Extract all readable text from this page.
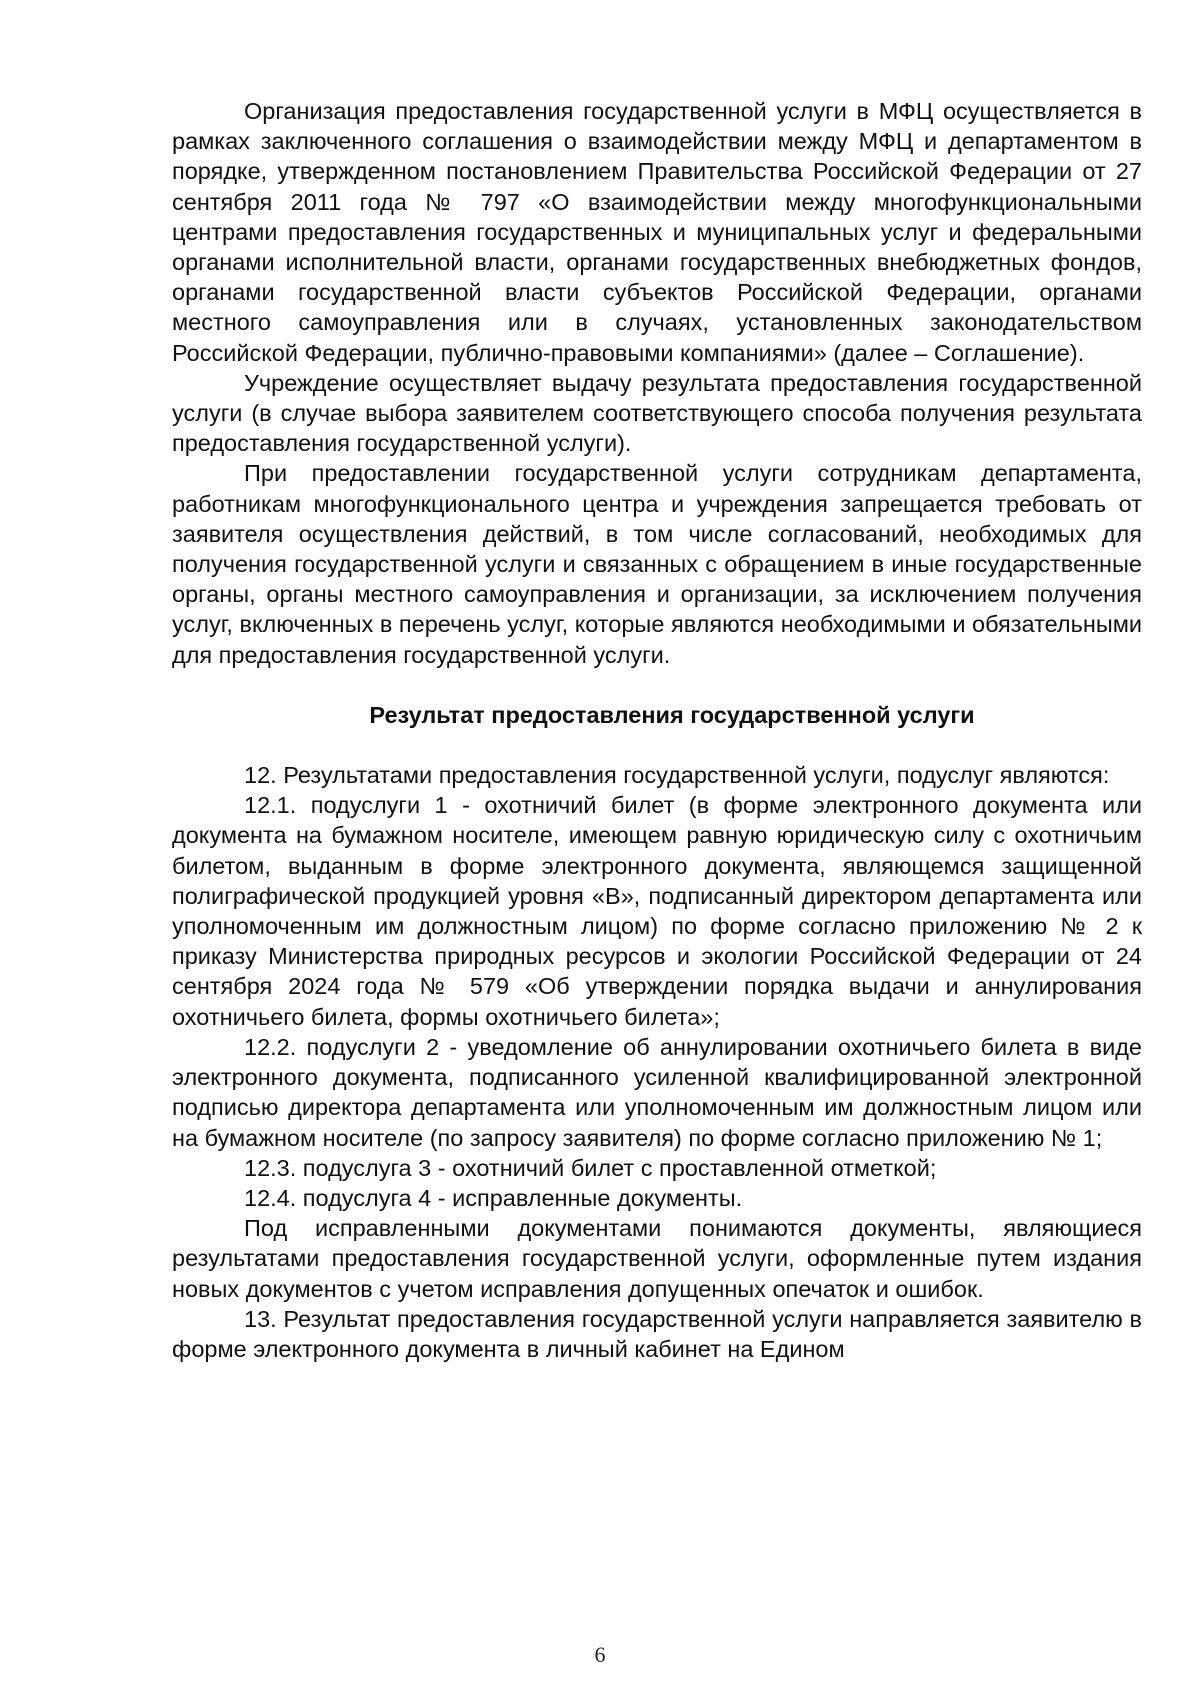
Организация предоставления государственной услуги в МФЦ осуществляется в рамках заключенного соглашения о взаимодействии между МФЦ и департаментом в порядке, утвержденном постановлением Правительства Российской Федерации от 27 сентября 2011 года № 797 «О взаимодействии между многофункциональными центрами предоставления государственных и муниципальных услуг и федеральными органами исполнительной власти, органами государственных внебюджетных фондов, органами государственной власти субъектов Российской Федерации, органами местного самоуправления или в случаях, установленных законодательством Российской Федерации, публично-правовыми компаниями» (далее – Соглашение).

Учреждение осуществляет выдачу результата предоставления государственной услуги (в случае выбора заявителем соответствующего способа получения результата предоставления государственной услуги).

При предоставлении государственной услуги сотрудникам департамента, работникам многофункционального центра и учреждения запрещается требовать от заявителя осуществления действий, в том числе согласований, необходимых для получения государственной услуги и связанных с обращением в иные государственные органы, органы местного самоуправления и организации, за исключением получения услуг, включенных в перечень услуг, которые являются необходимыми и обязательными для предоставления государственной услуги.

Результат предоставления государственной услуги

12. Результатами предоставления государственной услуги, подуслуг являются:

12.1. подуслуги 1 - охотничий билет (в форме электронного документа или документа на бумажном носителе, имеющем равную юридическую силу с охотничьим билетом, выданным в форме электронного документа, являющемся защищенной полиграфической продукцией уровня «В», подписанный директором департамента или уполномоченным им должностным лицом) по форме согласно приложению № 2 к приказу Министерства природных ресурсов и экологии Российской Федерации от 24 сентября 2024 года № 579 «Об утверждении порядка выдачи и аннулирования охотничьего билета, формы охотничьего билета»;

12.2. подуслуги 2 - уведомление об аннулировании охотничьего билета в виде электронного документа, подписанного усиленной квалифицированной электронной подписью директора департамента или уполномоченным им должностным лицом или на бумажном носителе (по запросу заявителя) по форме согласно приложению № 1;

12.3. подуслуга 3 - охотничий билет с проставленной отметкой;

12.4. подуслуга 4 - исправленные документы.

Под исправленными документами понимаются документы, являющиеся результатами предоставления государственной услуги, оформленные путем издания новых документов с учетом исправления допущенных опечаток и ошибок.

13. Результат предоставления государственной услуги направляется заявителю в форме электронного документа в личный кабинет на Едином

6
